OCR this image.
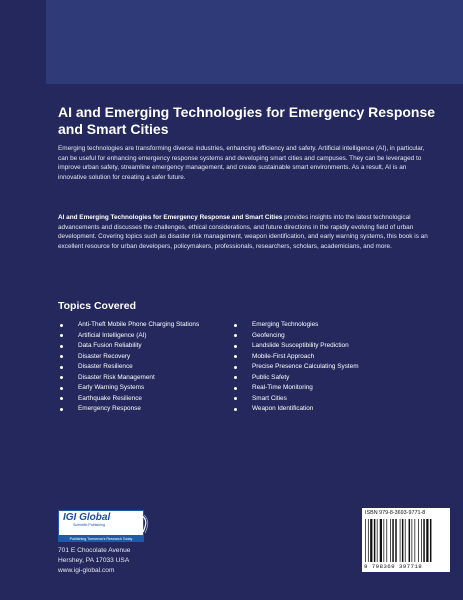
AI and Emerging Technologies for Emergency Response and Smart Cities

Emerging technologies are transforming diverse industries, enhancing efficiency and safety. Artificial intelligence (AI), in particular, can be useful for enhancing emergency response systems and developing smart cities and campuses. They can be leveraged to improve urban safety, streamline emergency management, and create sustainable smart environments. As a result, AI is an innovative solution for creating a safer future.

AI and Emerging Technologies for Emergency Response and Smart Cities provides insights into the latest technological advancements and discusses the challenges, ethical considerations, and future directions in the rapidly evolving field of urban development. Covering topics such as disaster risk management, weapon identification, and early warning systems, this book is an excellent resource for urban developers, policymakers, professionals, researchers, scholars, academicians, and more.

Topics Covered
Anti-Theft Mobile Phone Charging Stations
Artificial Intelligence (AI)
Data Fusion Reliability
Disaster Recovery
Disaster Resilience
Disaster Risk Management
Early Warning Systems
Earthquake Resilience
Emergency Response
Emerging Technologies
Geofencing
Landslide Susceptibility Prediction
Mobile-First Approach
Precise Presence Calculating System
Public Safety
Real-Time Monitoring
Smart Cities
Weapon Identification
IGI Global
Scientific Publishing
Publishing Tomorrow's Research Today

701 E Chocolate Avenue
Hershey, PA 17033 USA
www.igi-global.com

ISBN 979-8-3693-9771-8
9 798369 397718
